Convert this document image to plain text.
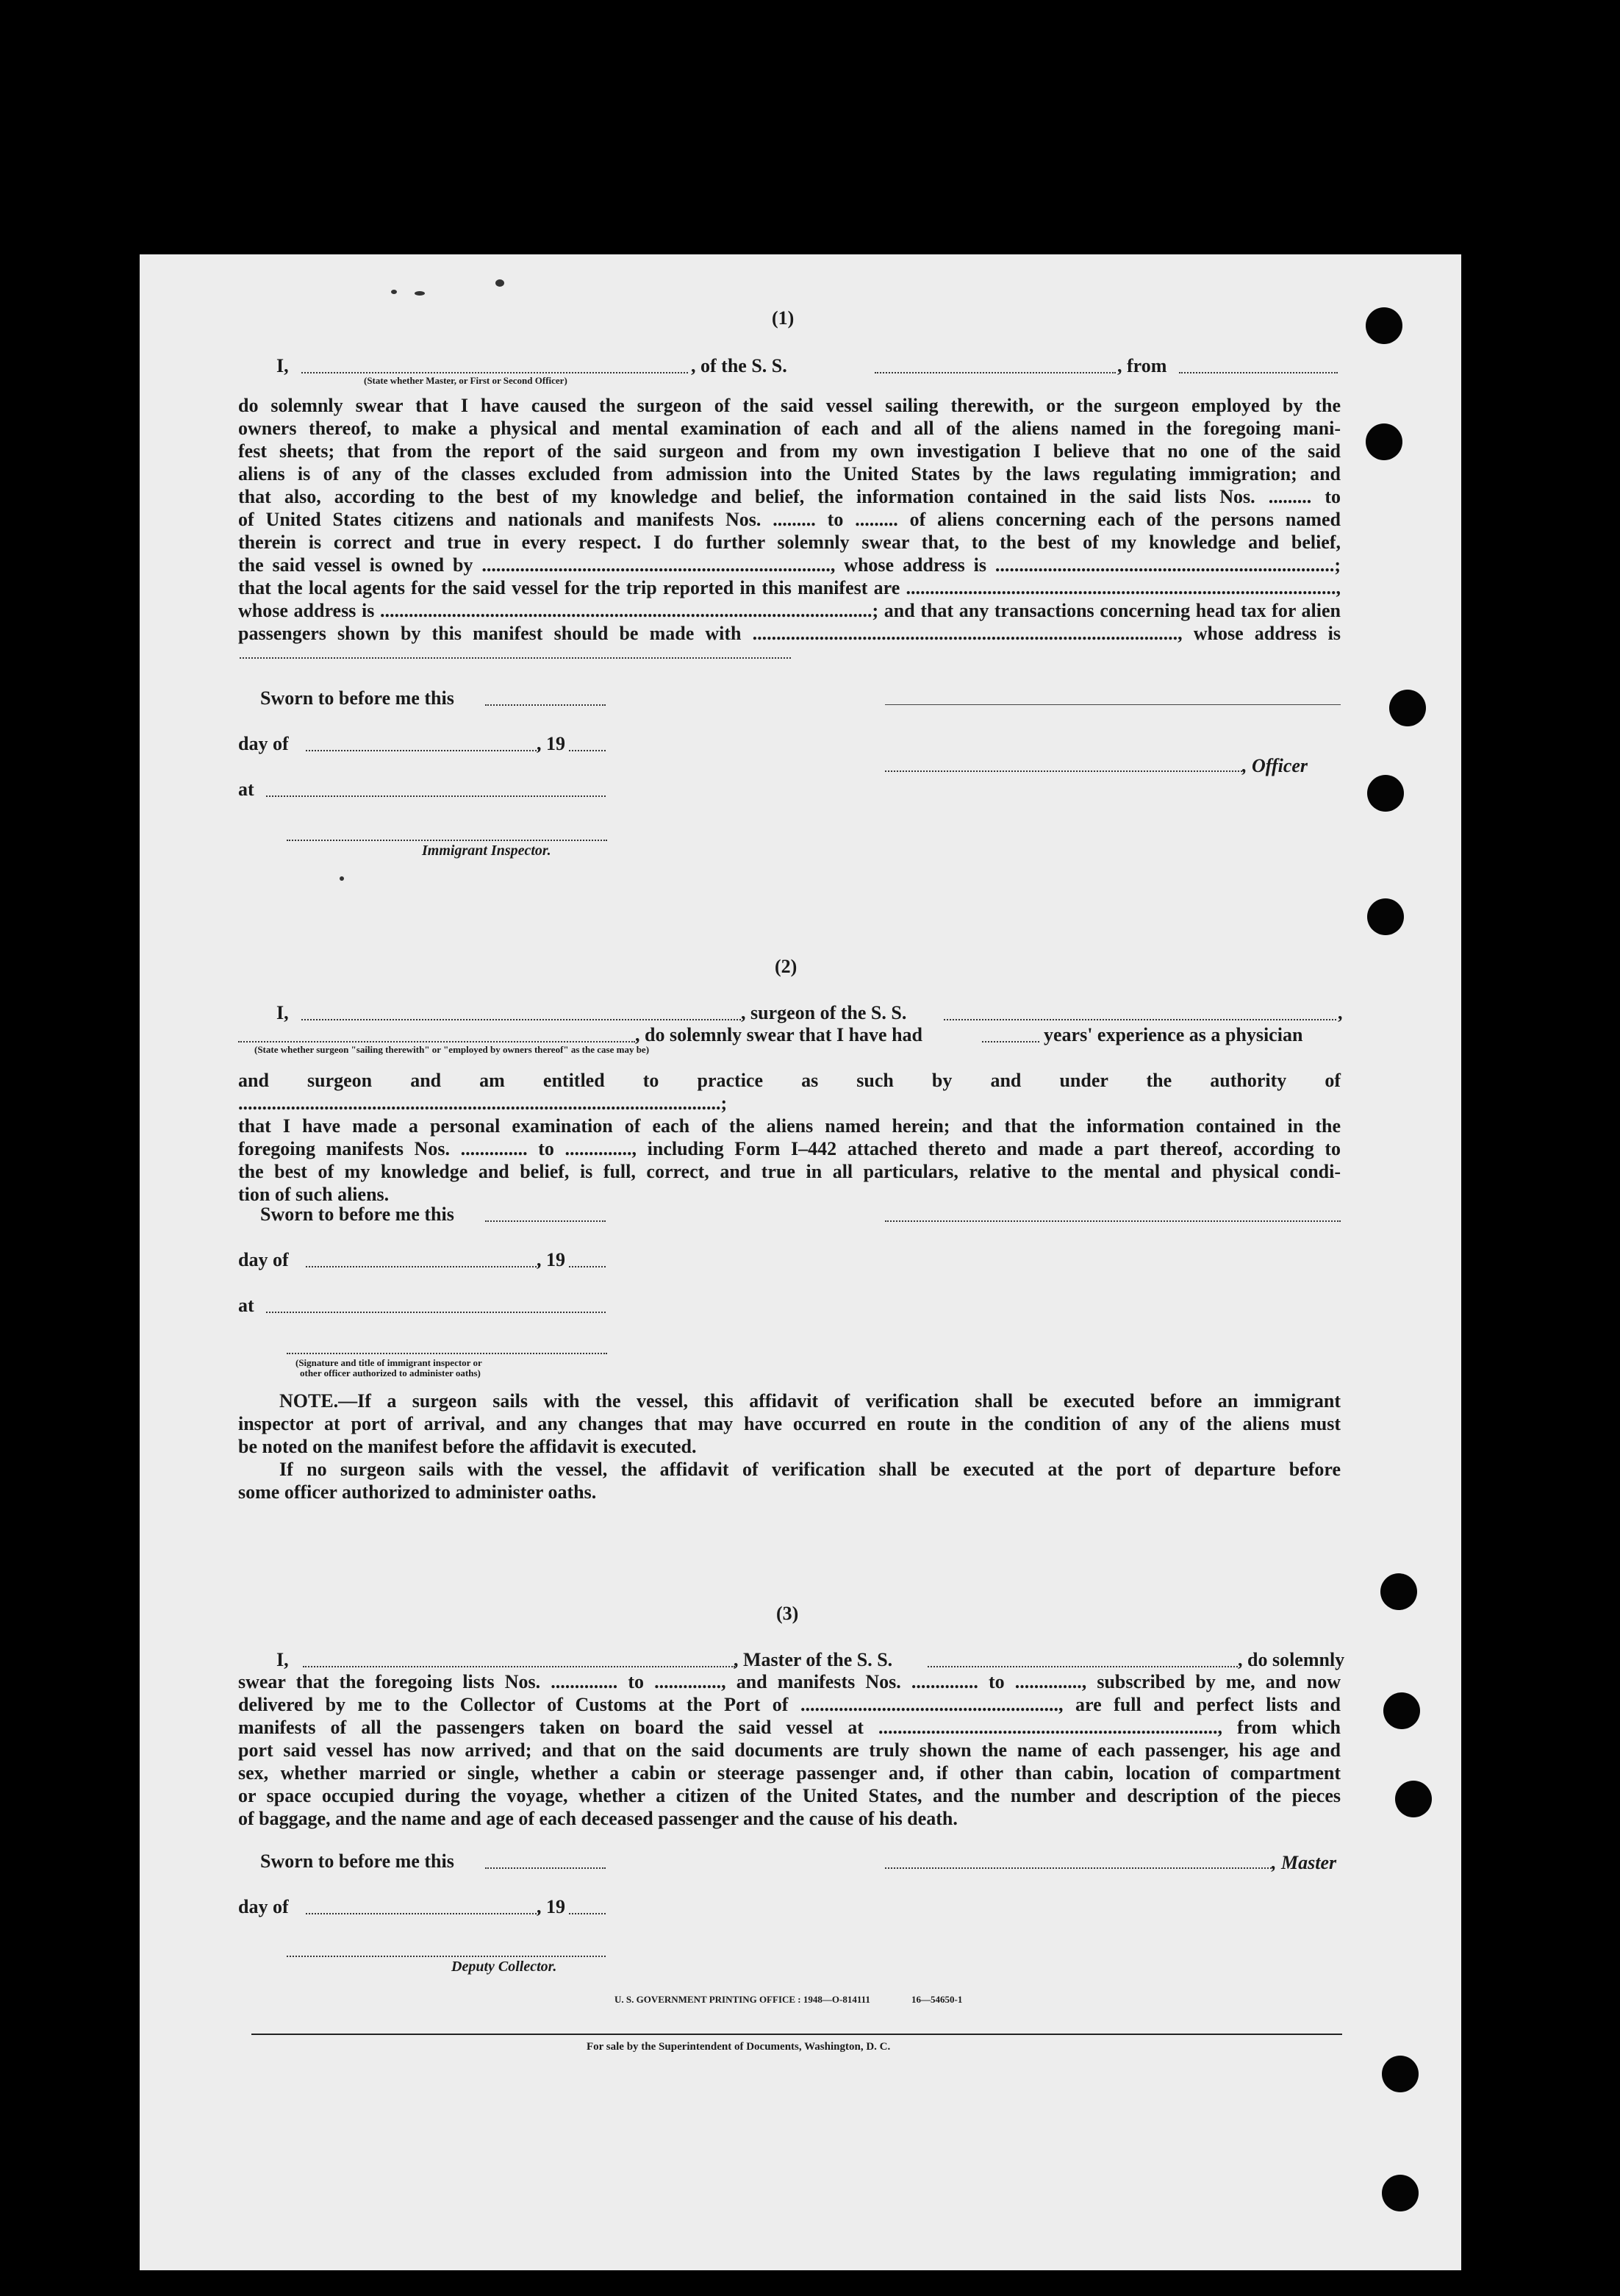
(1)
I,	, of the S. S.	, from
(State whether Master, or First or Second Officer)
do solemnly swear that I have caused the surgeon of the said vessel sailing therewith, or the surgeon employed by the
owners thereof, to make a physical and mental examination of each and all of the aliens named in the foregoing mani-
fest sheets; that from the report of the said surgeon and from my own investigation I believe that no one of the said
aliens is of any of the classes excluded from admission into the United States by the laws regulating immigration; and
that also, according to the best of my knowledge and belief, the information contained in the said lists Nos. ......... to
of United States citizens and nationals and manifests Nos. ......... to ......... of aliens concerning each of the persons named
therein is correct and true in every respect. I do further solemnly swear that, to the best of my knowledge and belief,
the said vessel is owned by ........................................................................., whose address is .......................................................................;
that the local agents for the said vessel for the trip reported in this manifest are ..........................................................................................,
whose address is .......................................................................................................; and that any transactions concerning head tax for alien
passengers shown by this manifest should be made with ........................................................................................., whose address is
Sworn to before me this
day of	, 19
, Officer
at
Immigrant Inspector.
(2)
I,	, surgeon of the S. S.	,
, do solemnly swear that I have had	years' experience as a physician
(State whether surgeon "sailing therewith" or "employed by owners thereof" as the case may be)
and surgeon and am entitled to practice as such by and under the authority of .....................................................................................................;
that I have made a personal examination of each of the aliens named herein; and that the information contained in the
foregoing manifests Nos. .............. to .............., including Form I–442 attached thereto and made a part thereof, according to
the best of my knowledge and belief, is full, correct, and true in all particulars, relative to the mental and physical condi-
tion of such aliens.
Sworn to before me this
day of	, 19
at
(Signature and title of immigrant inspector or
other officer authorized to administer oaths)
NOTE.—If a surgeon sails with the vessel, this affidavit of verification shall be executed before an immigrant
inspector at port of arrival, and any changes that may have occurred en route in the condition of any of the aliens must
be noted on the manifest before the affidavit is executed.
If no surgeon sails with the vessel, the affidavit of verification shall be executed at the port of departure before
some officer authorized to administer oaths.
(3)
I,	, Master of the S. S.	, do solemnly
swear that the foregoing lists Nos. .............. to .............., and manifests Nos. .............. to .............., subscribed by me, and now
delivered by me to the Collector of Customs at the Port of ......................................................, are full and perfect lists and
manifests of all the passengers taken on board the said vessel at ......................................................................., from which
port said vessel has now arrived; and that on the said documents are truly shown the name of each passenger, his age and
sex, whether married or single, whether a cabin or steerage passenger and, if other than cabin, location of compartment
or space occupied during the voyage, whether a citizen of the United States, and the number and description of the pieces
of baggage, and the name and age of each deceased passenger and the cause of his death.
Sworn to before me this	, Master
day of	, 19
Deputy Collector.
U. S. GOVERNMENT PRINTING OFFICE : 1948—O-814111	16—54650-1
For sale by the Superintendent of Documents, Washington, D. C.
